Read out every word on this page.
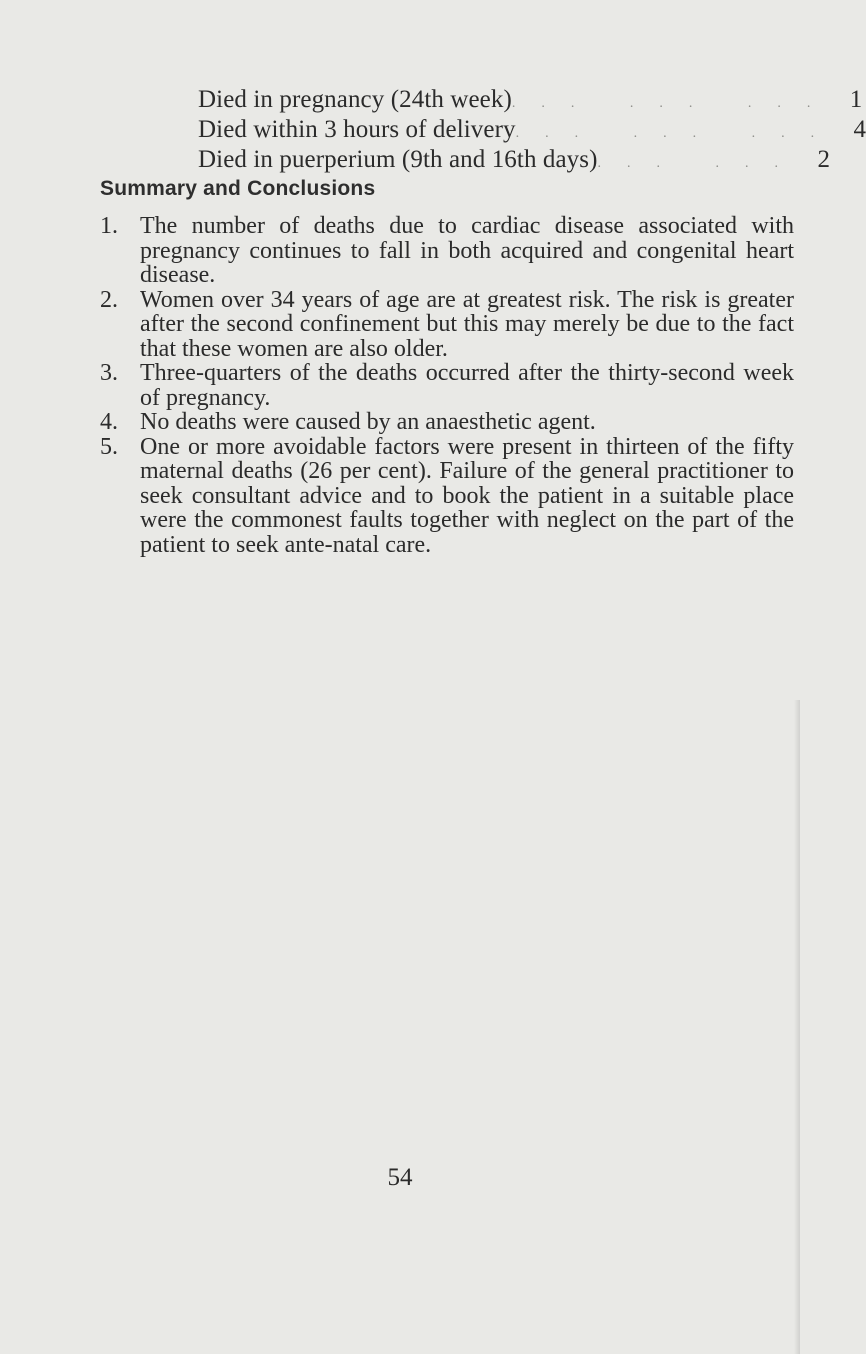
Died in pregnancy (24th week) ... ... ... 1
Died within 3 hours of delivery ... ... ... 4
Died in puerperium (9th and 16th days) ... ... 2
Summary and Conclusions
1. The number of deaths due to cardiac disease associated with pregnancy continues to fall in both acquired and congenital heart disease.
2. Women over 34 years of age are at greatest risk. The risk is greater after the second confinement but this may merely be due to the fact that these women are also older.
3. Three-quarters of the deaths occurred after the thirty-second week of pregnancy.
4. No deaths were caused by an anaesthetic agent.
5. One or more avoidable factors were present in thirteen of the fifty maternal deaths (26 per cent). Failure of the general practitioner to seek consultant advice and to book the patient in a suitable place were the commonest faults together with neglect on the part of the patient to seek ante-natal care.
54
